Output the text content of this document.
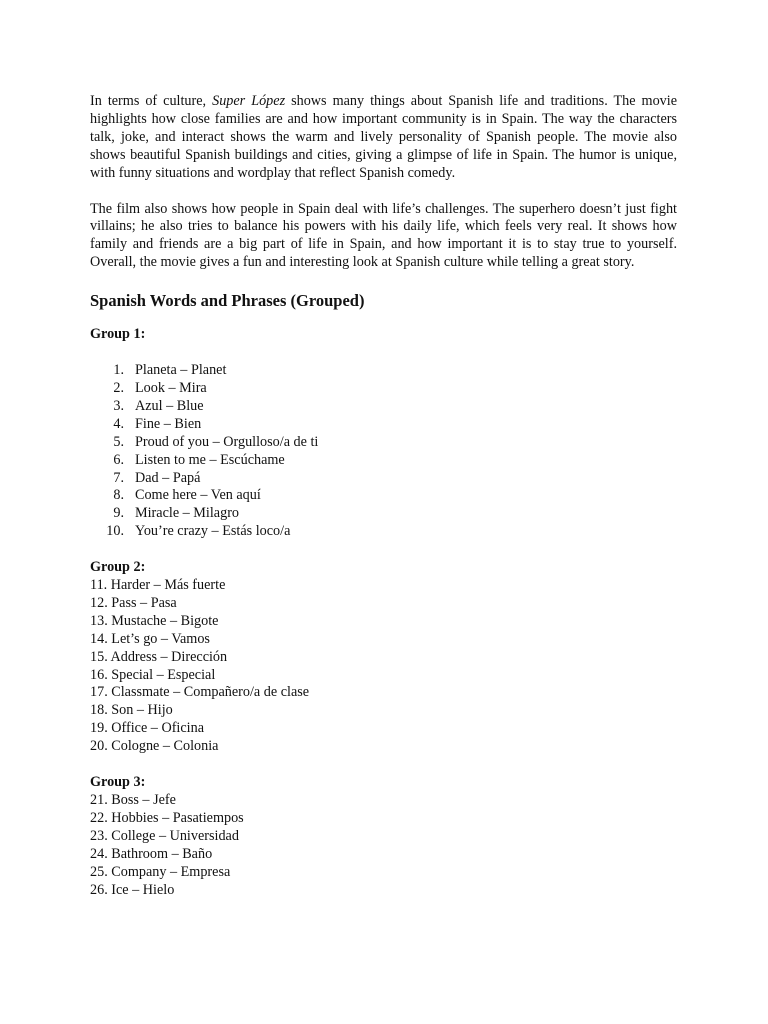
In terms of culture, Super López shows many things about Spanish life and traditions. The movie highlights how close families are and how important community is in Spain. The way the characters talk, joke, and interact shows the warm and lively personality of Spanish people. The movie also shows beautiful Spanish buildings and cities, giving a glimpse of life in Spain. The humor is unique, with funny situations and wordplay that reflect Spanish comedy.

The film also shows how people in Spain deal with life’s challenges. The superhero doesn’t just fight villains; he also tries to balance his powers with his daily life, which feels very real. It shows how family and friends are a big part of life in Spain, and how important it is to stay true to yourself. Overall, the movie gives a fun and interesting look at Spanish culture while telling a great story.

Spanish Words and Phrases (Grouped)
Group 1:
1. Planeta – Planet
2. Look – Mira
3. Azul – Blue
4. Fine – Bien
5. Proud of you – Orgulloso/a de ti
6. Listen to me – Escúchame
7. Dad – Papá
8. Come here – Ven aquí
9. Miracle – Milagro
10. You’re crazy – Estás loco/a
Group 2:
11. Harder – Más fuerte
12. Pass – Pasa
13. Mustache – Bigote
14. Let’s go – Vamos
15. Address – Dirección
16. Special – Especial
17. Classmate – Compañero/a de clase
18. Son – Hijo
19. Office – Oficina
20. Cologne – Colonia
Group 3:
21. Boss – Jefe
22. Hobbies – Pasatiempos
23. College – Universidad
24. Bathroom – Baño
25. Company – Empresa
26. Ice – Hielo
